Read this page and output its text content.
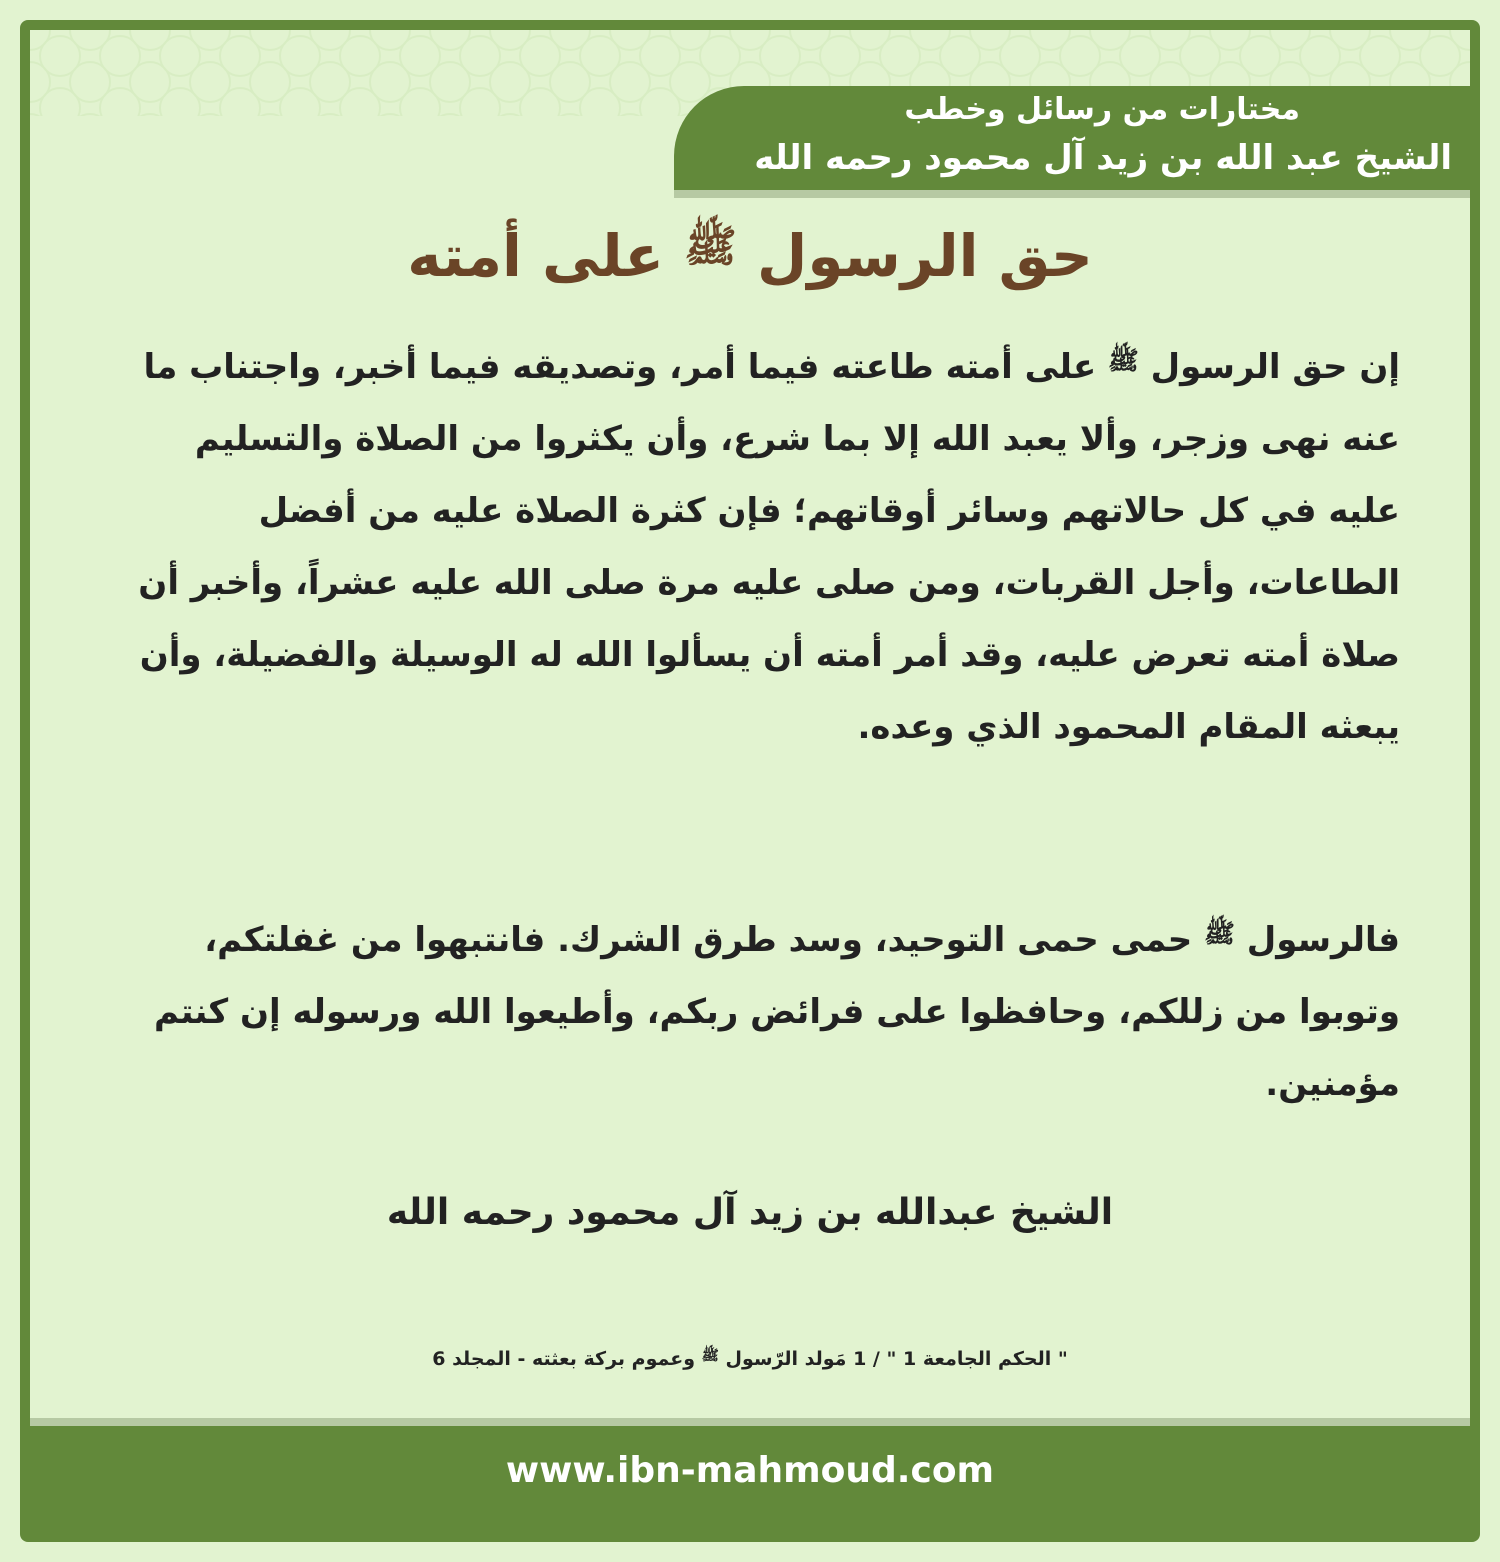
مختارات من رسائل وخطب
الشيخ عبد الله بن زيد آل محمود رحمه الله
حق الرسول $^ﷺ$ على أمته
إن حق الرسول $^ﷺ$ على أمته طاعته فيما أمر، وتصديقه فيما أخبر، واجتناب ما عنه نهى وزجر، وألا يعبد الله إلا بما شرع، وأن يكثروا من الصلاة والتسليم عليه في كل حالاتهم وسائر أوقاتهم؛ فإن كثرة الصلاة عليه من أفضل الطاعات، وأجل القربات، ومن صلى عليه مرة صلى الله عليه عشراً، وأخبر أن صلاة أمته تعرض عليه، وقد أمر أمته أن يسألوا الله له الوسيلة والفضيلة، وأن يبعثه المقام المحمود الذي وعده.
فالرسول $^ﷺ$ حمى حمى التوحيد، وسد طرق الشرك. فانتبهوا من غفلتكم، وتوبوا من زللكم، وحافظوا على فرائض ربكم، وأطيعوا الله ورسوله إن كنتم مؤمنين.
الشيخ عبدالله بن زيد آل محمود رحمه الله
" الحكم الجامعة 1 " / 1 مَولد الرّسول $^ﷺ$ وعموم بركة بعثته - المجلد 6
www.ibn-mahmoud.com
